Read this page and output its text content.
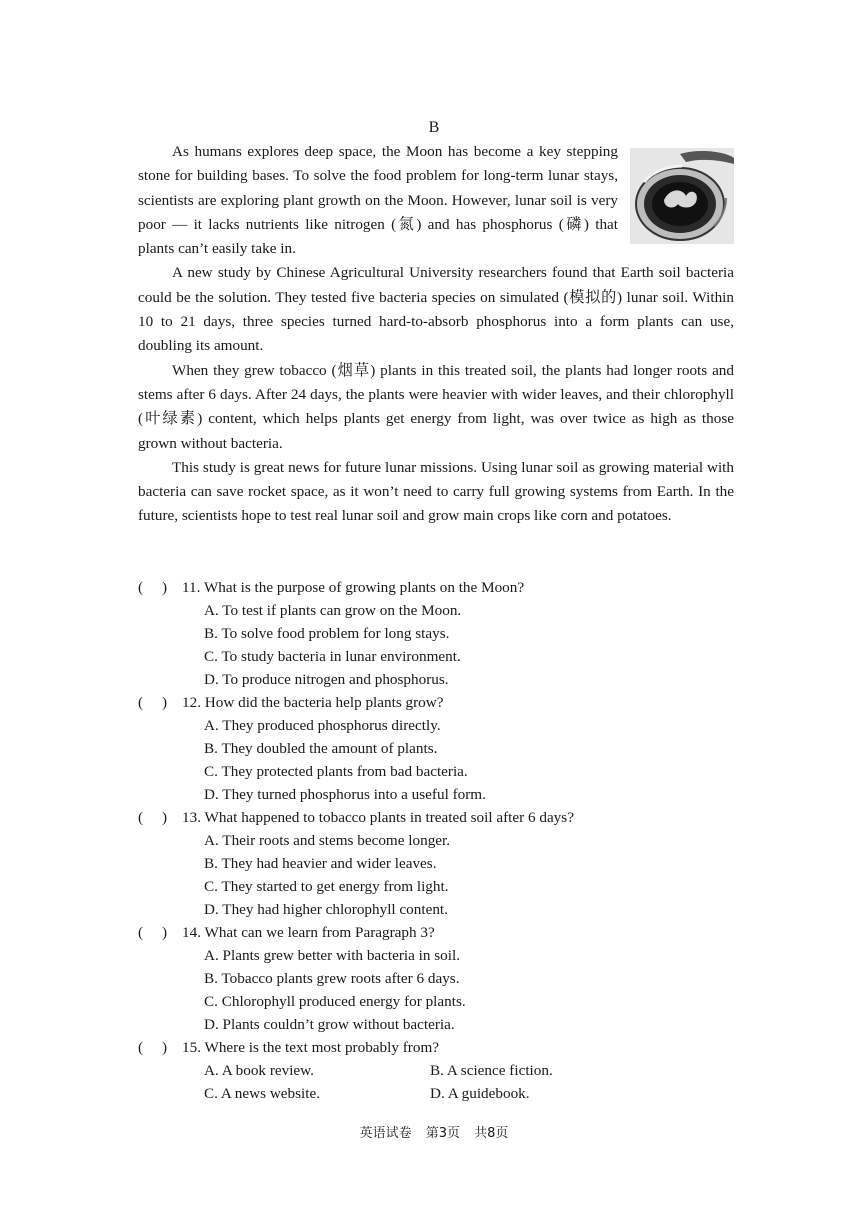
B

As humans explores deep space, the Moon has become a key stepping stone for building bases. To solve the food problem for long-term lunar stays, scientists are exploring plant growth on the Moon. However, lunar soil is very poor — it lacks nutrients like nitrogen (氮) and has phosphorus (磷) that plants can’t easily take in.

A new study by Chinese Agricultural University researchers found that Earth soil bacteria could be the solution. They tested five bacteria species on simulated (模拟的) lunar soil. Within 10 to 21 days, three species turned hard-to-absorb phosphorus into a form plants can use, doubling its amount.

When they grew tobacco (烟草) plants in this treated soil, the plants had longer roots and stems after 6 days. After 24 days, the plants were heavier with wider leaves, and their chlorophyll (叶绿素) content, which helps plants get energy from light, was over twice as high as those grown without bacteria.

This study is great news for future lunar missions. Using lunar soil as growing material with bacteria can save rocket space, as it won’t need to carry full growing systems from Earth. In the future, scientists hope to test real lunar soil and grow main crops like corn and potatoes.

(     ) 11. What is the purpose of growing plants on the Moon?
A. To test if plants can grow on the Moon.
B. To solve food problem for long stays.
C. To study bacteria in lunar environment.
D. To produce nitrogen and phosphorus.
(     ) 12. How did the bacteria help plants grow?
A. They produced phosphorus directly.
B. They doubled the amount of plants.
C. They protected plants from bad bacteria.
D. They turned phosphorus into a useful form.
(     ) 13. What happened to tobacco plants in treated soil after 6 days?
A. Their roots and stems become longer.
B. They had heavier and wider leaves.
C. They started to get energy from light.
D. They had higher chlorophyll content.
(     ) 14. What can we learn from Paragraph 3?
A. Plants grew better with bacteria in soil.
B. Tobacco plants grew roots after 6 days.
C. Chlorophyll produced energy for plants.
D. Plants couldn’t grow without bacteria.
(     ) 15. Where is the text most probably from?
A. A book review.	B. A science fiction.
C. A news website.	D. A guidebook.
英语试卷 第3页 共8页
